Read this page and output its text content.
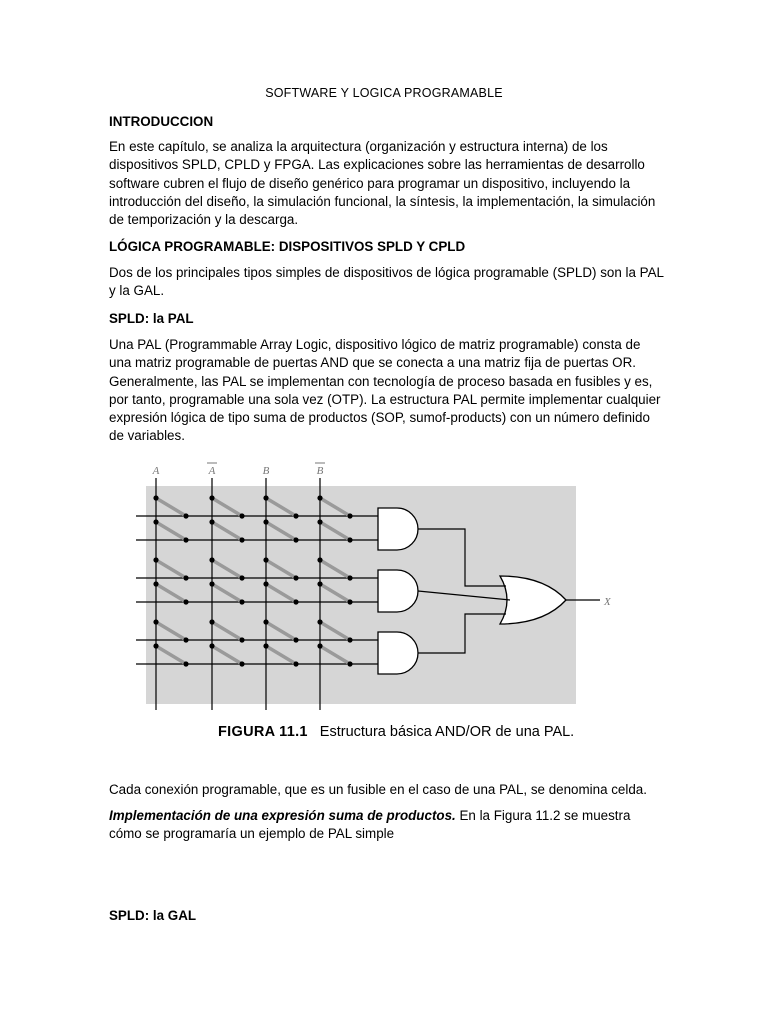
SOFTWARE Y LOGICA PROGRAMABLE
INTRODUCCION
En este capítulo, se analiza la arquitectura (organización y estructura interna) de los dispositivos SPLD, CPLD y FPGA. Las explicaciones sobre las herramientas de desarrollo software cubren el flujo de diseño genérico para programar un dispositivo, incluyendo la introducción del diseño, la simulación funcional, la síntesis, la implementación, la simulación de temporización y la descarga.
LÓGICA PROGRAMABLE: DISPOSITIVOS SPLD Y CPLD
Dos de los principales tipos simples de dispositivos de lógica programable (SPLD) son la PAL y la GAL.
SPLD: la PAL
Una PAL (Programmable Array Logic, dispositivo lógico de matriz programable) consta de una matriz programable de puertas AND que se conecta a una matriz fija de puertas OR. Generalmente, las PAL se implementan con tecnología de proceso basada en fusibles y es, por tanto, programable una sola vez (OTP). La estructura PAL permite implementar cualquier expresión lógica de tipo suma de productos (SOP, sumof-products) con un número definido de variables.
A	A	B	B
X
FIGURA 11.1 Estructura básica AND/OR de una PAL.
Cada conexión programable, que es un fusible en el caso de una PAL, se denomina celda.
Implementación de una expresión suma de productos. En la Figura 11.2 se muestra cómo se programaría un ejemplo de PAL simple
SPLD: la GAL
